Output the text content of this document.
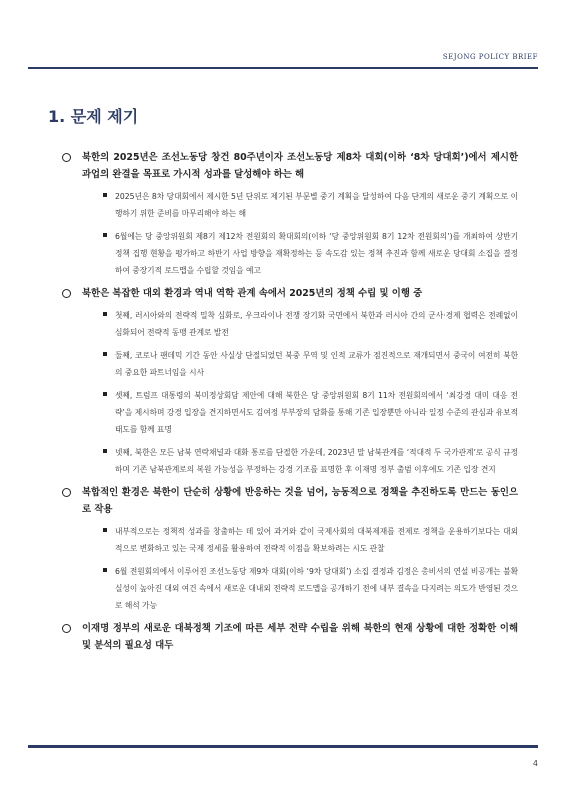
SEJONG POLICY BRIEF
1. 문제 제기
북한의 2025년은 조선노동당 창건 80주년이자 조선노동당 제8차 대회(이하 ‘8차 당대회’)에서 제시한 과업의 완결을 목표로 가시적 성과를 달성해야 하는 해
2025년은 8차 당대회에서 제시한 5년 단위로 제기된 부문별 중기 계획을 달성하여 다음 단계의 새로운 중기 계획으로 이행하기 위한 준비를 마무리해야 하는 해
6월에는 당 중앙위원회 제8기 제12차 전원회의 확대회의(이하 ‘당 중앙위원회 8기 12차 전원회의’)를 개최하여 상반기 정책 집행 현황을 평가하고 하반기 사업 방향을 재확정하는 등 속도감 있는 정책 추진과 함께 새로운 당대회 소집을 결정하여 중장기적 로드맵을 수립할 것임을 예고
북한은 복잡한 대외 환경과 역내 역학 관계 속에서 2025년의 정책 수립 및 이행 중
첫째, 러시아와의 전략적 밀착 심화로, 우크라이나 전쟁 장기화 국면에서 북한과 러시아 간의 군사·경제 협력은 전례없이 심화되어 전략적 동맹 관계로 발전
둘째, 코로나 팬데믹 기간 동안 사실상 단절되었던 북중 무역 및 인적 교류가 점진적으로 재개되면서 중국이 여전히 북한의 중요한 파트너임을 시사
셋째, 트럼프 대통령의 북미정상회담 제안에 대해 북한은 당 중앙위원회 8기 11차 전원회의에서 ‘최강경 대미 대응 전략’을 제시하며 강경 입장을 견지하면서도 김여정 부부장의 담화를 통해 기존 입장뿐만 아니라 일정 수준의 관심과 유보적 태도를 함께 표명
넷째, 북한은 모든 남북 연락채널과 대화 통로를 단절한 가운데, 2023년 말 남북관계를 ‘적대적 두 국가관계’로 공식 규정하며 기존 남북관계로의 복원 가능성을 부정하는 강경 기조를 표명한 후 이재명 정부 출범 이후에도 기존 입장 견지
복합적인 환경은 북한이 단순히 상황에 반응하는 것을 넘어, 능동적으로 정책을 추진하도록 만드는 동인으로 작용
내부적으로는 정책적 성과를 창출하는 데 있어 과거와 같이 국제사회의 대북제재를 전제로 정책을 운용하기보다는 대외적으로 변화하고 있는 국제 정세를 활용하여 전략적 이점을 확보하려는 시도 관찰
6월 전원회의에서 이루어진 조선노동당 제9차 대회(이하 ‘9차 당대회’) 소집 결정과 김정은 총비서의 연설 비공개는 불확실성이 높아진 대외 여건 속에서 새로운 대내외 전략적 로드맵을 공개하기 전에 내부 결속을 다지려는 의도가 반영된 것으로 해석 가능
이재명 정부의 새로운 대북정책 기조에 따른 세부 전략 수립을 위해 북한의 현재 상황에 대한 정확한 이해 및 분석의 필요성 대두
4
